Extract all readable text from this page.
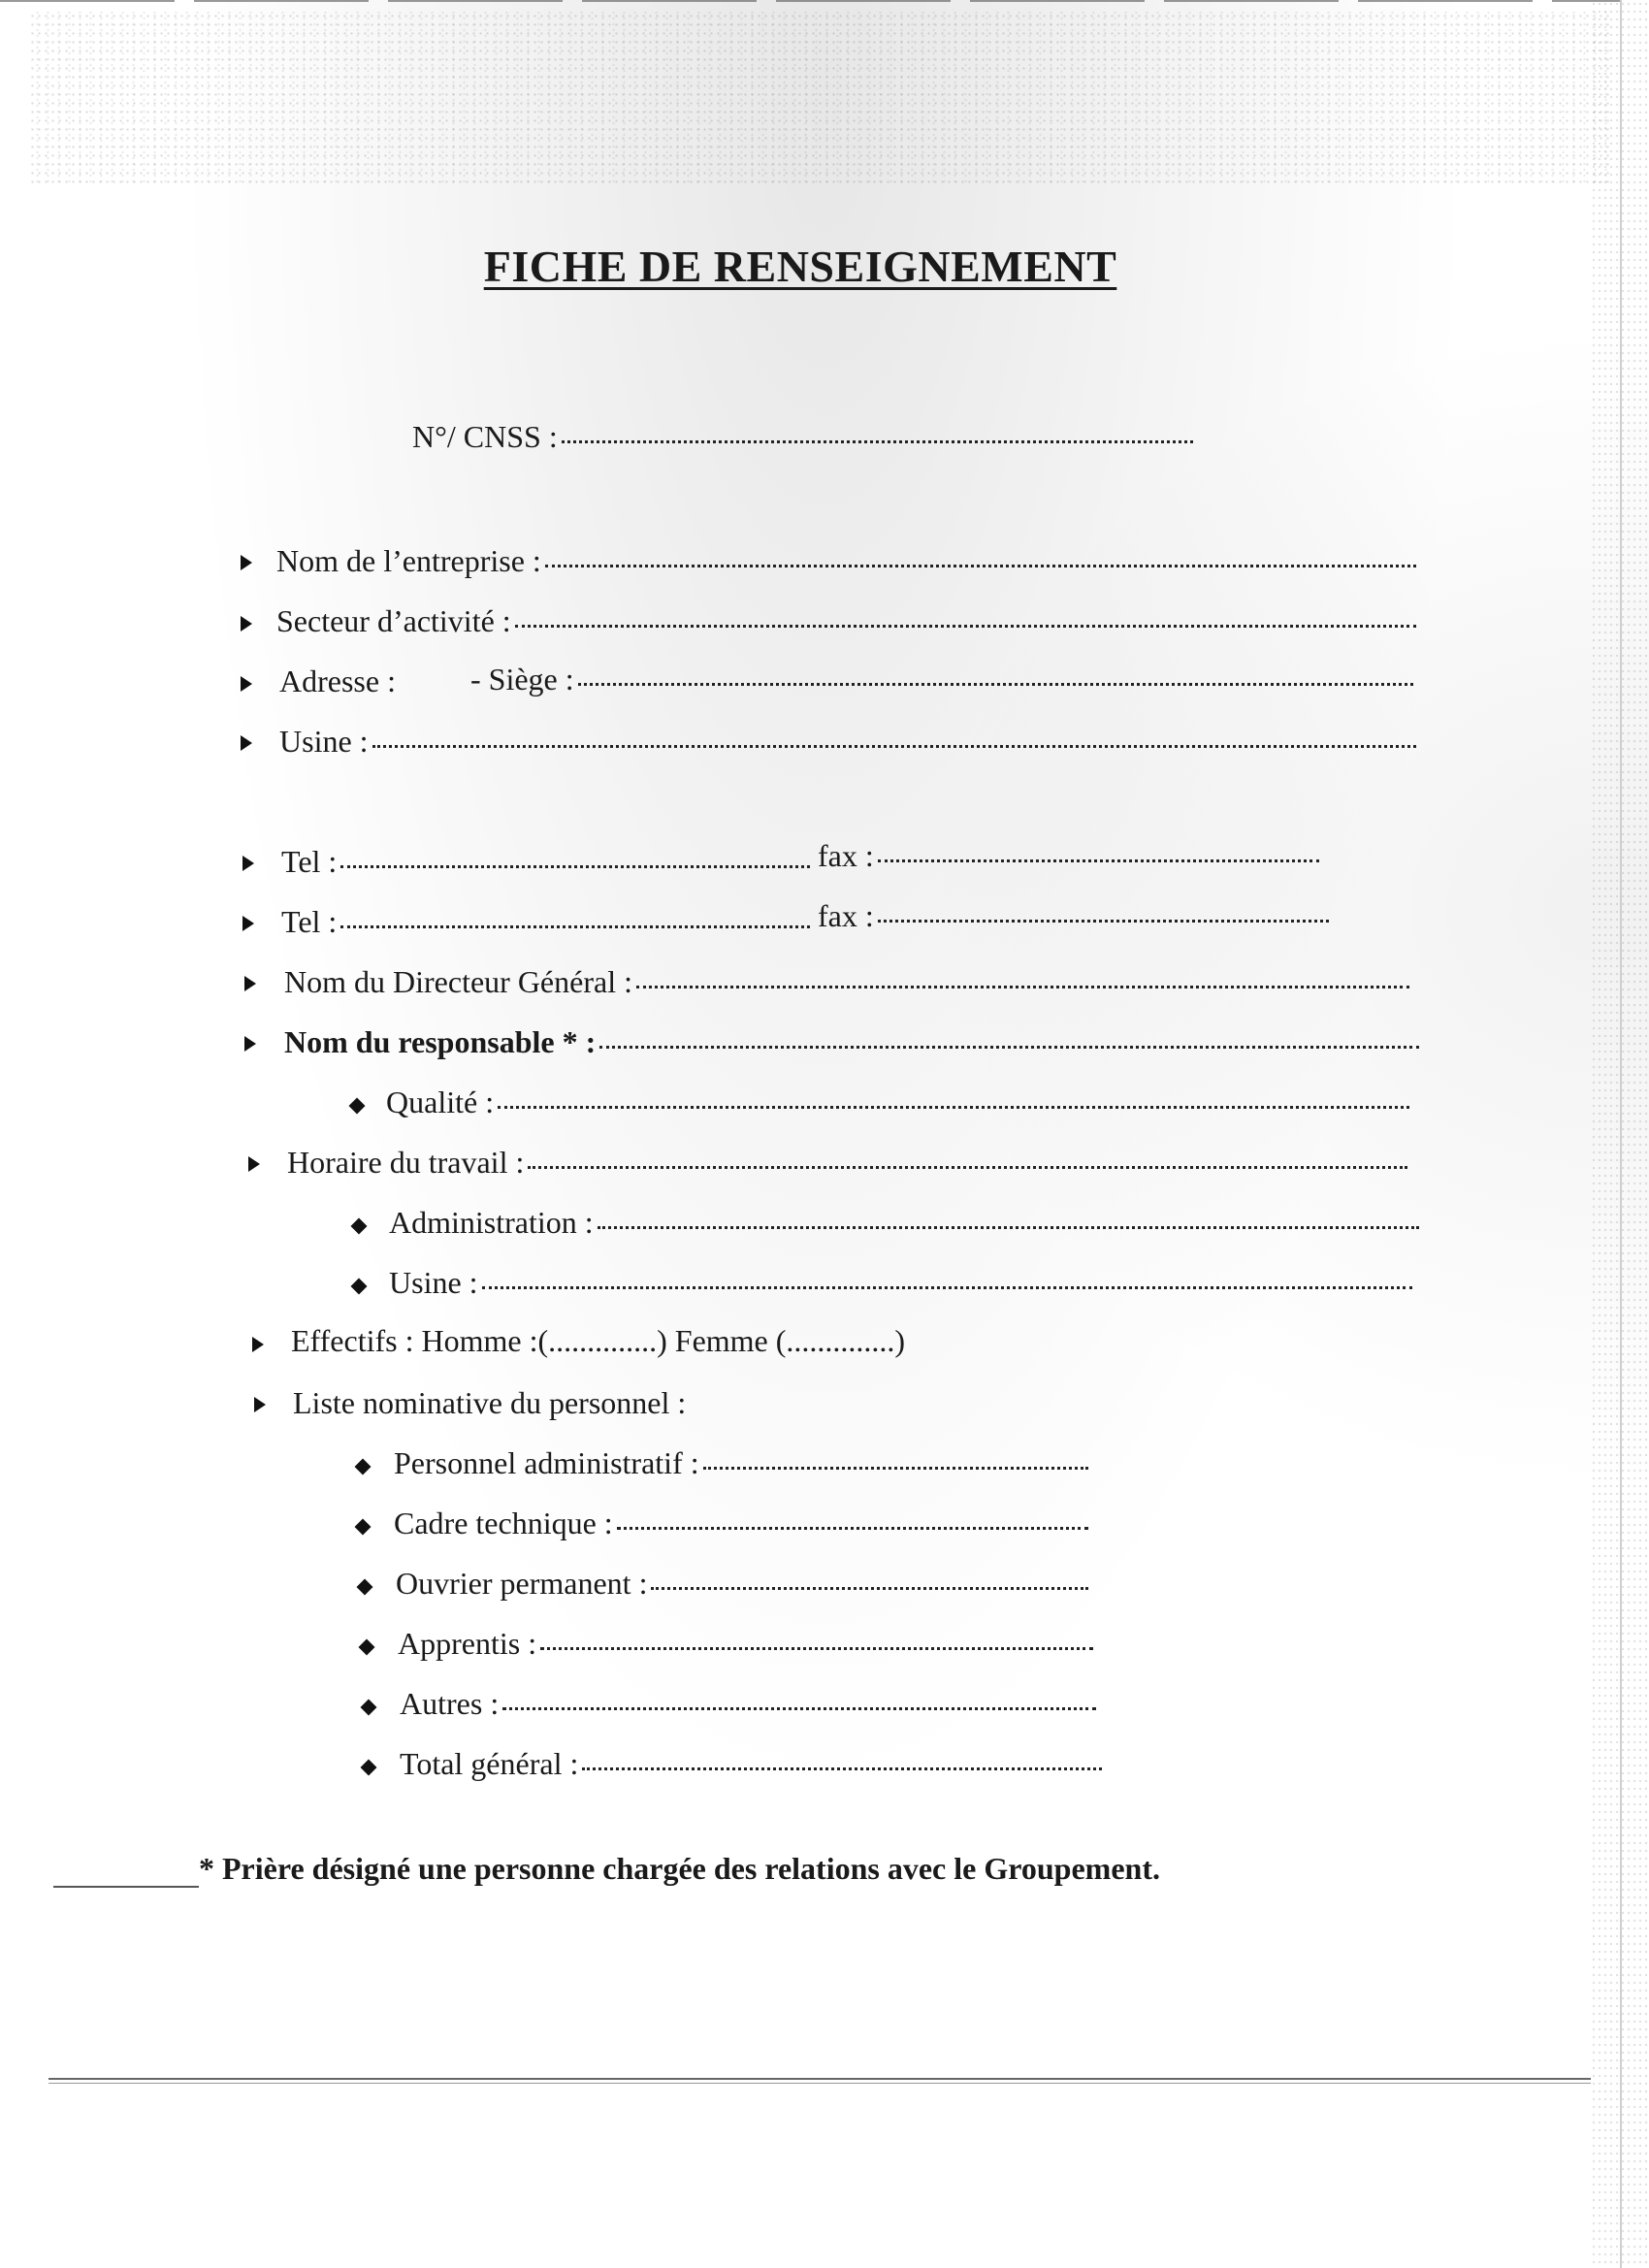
FICHE DE RENSEIGNEMENT
N°/ CNSS :
Nom de l’entreprise :
Secteur d’activité :
Adresse : - Siège :
Usine :
Tel :	fax :
Tel :	fax :
Nom du Directeur Général :
Nom du responsable * :
Qualité :
Horaire du travail :
Administration :
Usine :
Effectifs : Homme :(..............) Femme (..............)
Liste nominative du personnel :
Personnel administratif :
Cadre technique :
Ouvrier permanent :
Apprentis :
Autres :
Total général :
* Prière désigné une personne chargée des relations avec le Groupement.
